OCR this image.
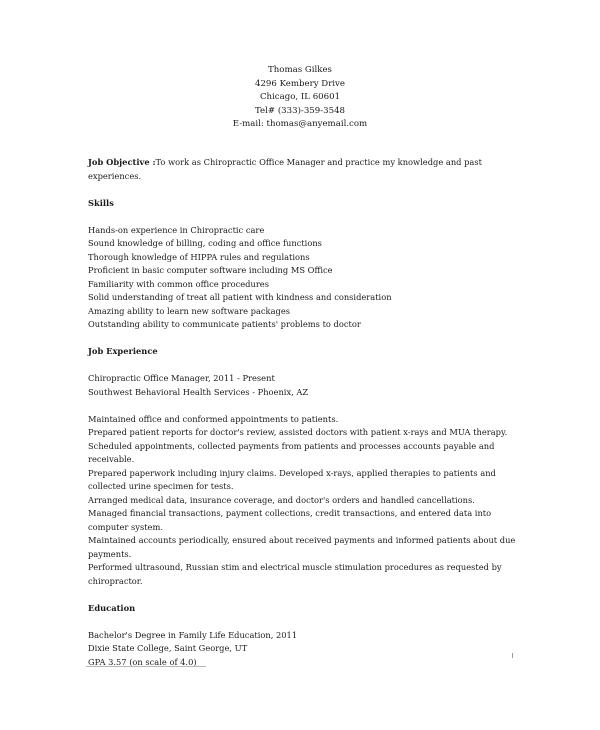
Thomas Gilkes
4296 Kembery Drive
Chicago, IL 60601
Tel# (333)-359-3548
E-mail: thomas@anyemail.com
Job Objective :To work as Chiropractic Office Manager and practice my knowledge and past experiences.
Skills
Hands-on experience in Chiropractic care
Sound knowledge of billing, coding and office functions
Thorough knowledge of HIPPA rules and regulations
Proficient in basic computer software including MS Office
Familiarity with common office procedures
Solid understanding of treat all patient with kindness and consideration
Amazing ability to learn new software packages
Outstanding ability to communicate patients' problems to doctor
Job Experience
Chiropractic Office Manager, 2011 - Present
Southwest Behavioral Health Services - Phoenix, AZ
Maintained office and conformed appointments to patients.
Prepared patient reports for doctor's review, assisted doctors with patient x-rays and MUA therapy.
Scheduled appointments, collected payments from patients and processes accounts payable and receivable.
Prepared paperwork including injury claims. Developed x-rays, applied therapies to patients and collected urine specimen for tests.
Arranged medical data, insurance coverage, and doctor's orders and handled cancellations.
Managed financial transactions, payment collections, credit transactions, and entered data into computer system.
Maintained accounts periodically, ensured about received payments and informed patients about due payments.
Performed ultrasound, Russian stim and electrical muscle stimulation procedures as requested by chiropractor.
Education
Bachelor's Degree in Family Life Education, 2011
Dixie State College, Saint George, UT
GPA 3.57 (on scale of 4.0)
